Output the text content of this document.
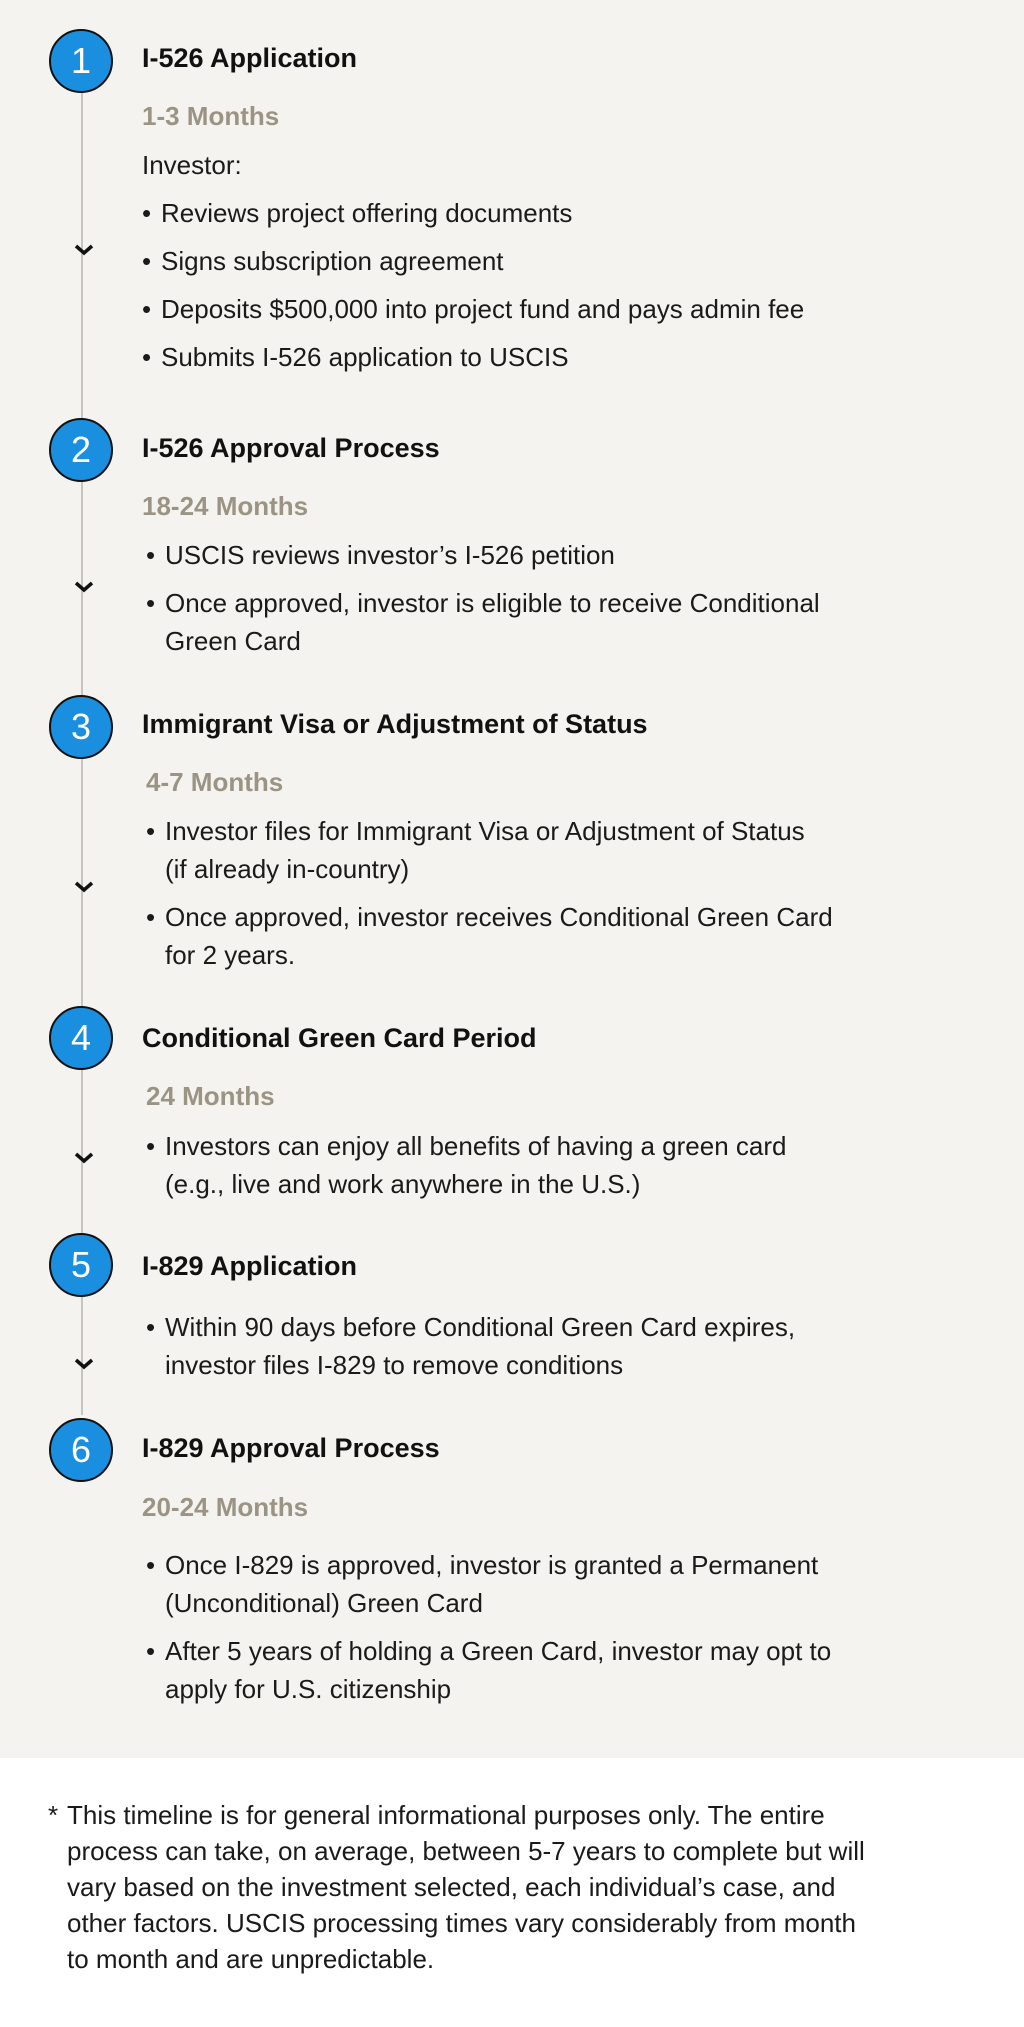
1	I-526 Application
1-3 Months
Investor:
• Reviews project offering documents
• Signs subscription agreement
• Deposits $500,000 into project fund and pays admin fee
• Submits I-526 application to USCIS
2	I-526 Approval Process
18-24 Months
• USCIS reviews investor’s I-526 petition
• Once approved, investor is eligible to receive Conditional
Green Card
3	Immigrant Visa or Adjustment of Status
4-7 Months
• Investor files for Immigrant Visa or Adjustment of Status
(if already in-country)
• Once approved, investor receives Conditional Green Card
for 2 years.
4	Conditional Green Card Period
24 Months
• Investors can enjoy all benefits of having a green card
(e.g., live and work anywhere in the U.S.)
5	I-829 Application
• Within 90 days before Conditional Green Card expires,
investor files I-829 to remove conditions
6	I-829 Approval Process
20-24 Months
• Once I-829 is approved, investor is granted a Permanent
(Unconditional) Green Card
• After 5 years of holding a Green Card, investor may opt to
apply for U.S. citizenship
* This timeline is for general informational purposes only. The entire
process can take, on average, between 5-7 years to complete but will
vary based on the investment selected, each individual’s case, and
other factors. USCIS processing times vary considerably from month
to month and are unpredictable.
